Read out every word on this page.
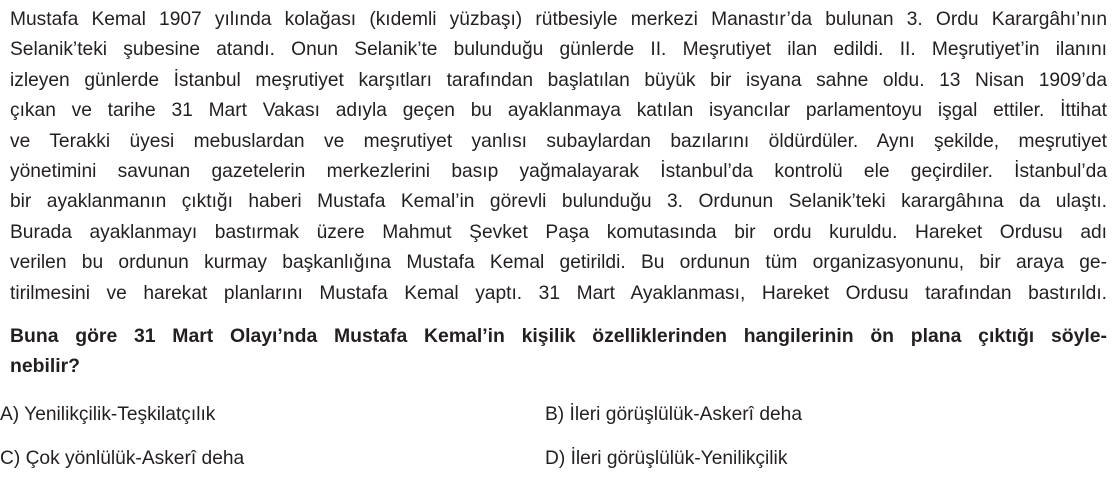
Mustafa Kemal 1907 yılında kolağası (kıdemli yüzbaşı) rütbesiyle merkezi Manastır’da bulunan 3. Ordu Karargâhı’nın
Selanik’teki şubesine atandı. Onun Selanik’te bulunduğu günlerde II. Meşrutiyet ilan edildi. II. Meşrutiyet’in ilanını
izleyen günlerde İstanbul meşrutiyet karşıtları tarafından başlatılan büyük bir isyana sahne oldu. 13 Nisan 1909’da
çıkan ve tarihe 31 Mart Vakası adıyla geçen bu ayaklanmaya katılan isyancılar parlamentoyu işgal ettiler. İttihat
ve Terakki üyesi mebuslardan ve meşrutiyet yanlısı subaylardan bazılarını öldürdüler. Aynı şekilde, meşrutiyet
yönetimini savunan gazetelerin merkezlerini basıp yağmalayarak İstanbul’da kontrolü ele geçirdiler. İstanbul’da
bir ayaklanmanın çıktığı haberi Mustafa Kemal’in görevli bulunduğu 3. Ordunun Selanik’teki karargâhına da ulaştı.
Burada ayaklanmayı bastırmak üzere Mahmut Şevket Paşa komutasında bir ordu kuruldu. Hareket Ordusu adı
verilen bu ordunun kurmay başkanlığına Mustafa Kemal getirildi. Bu ordunun tüm organizasyonunu, bir araya ge-
tirilmesini ve harekat planlarını Mustafa Kemal yaptı. 31 Mart Ayaklanması, Hareket Ordusu tarafından bastırıldı.
Buna göre 31 Mart Olayı’nda Mustafa Kemal’in kişilik özelliklerinden hangilerinin ön plana çıktığı söyle-
nebilir?
A) Yenilikçilik-Teşkilatçılık	B) İleri görüşlülük-Askerî deha
C) Çok yönlülük-Askerî deha	D) İleri görüşlülük-Yenilikçilik
